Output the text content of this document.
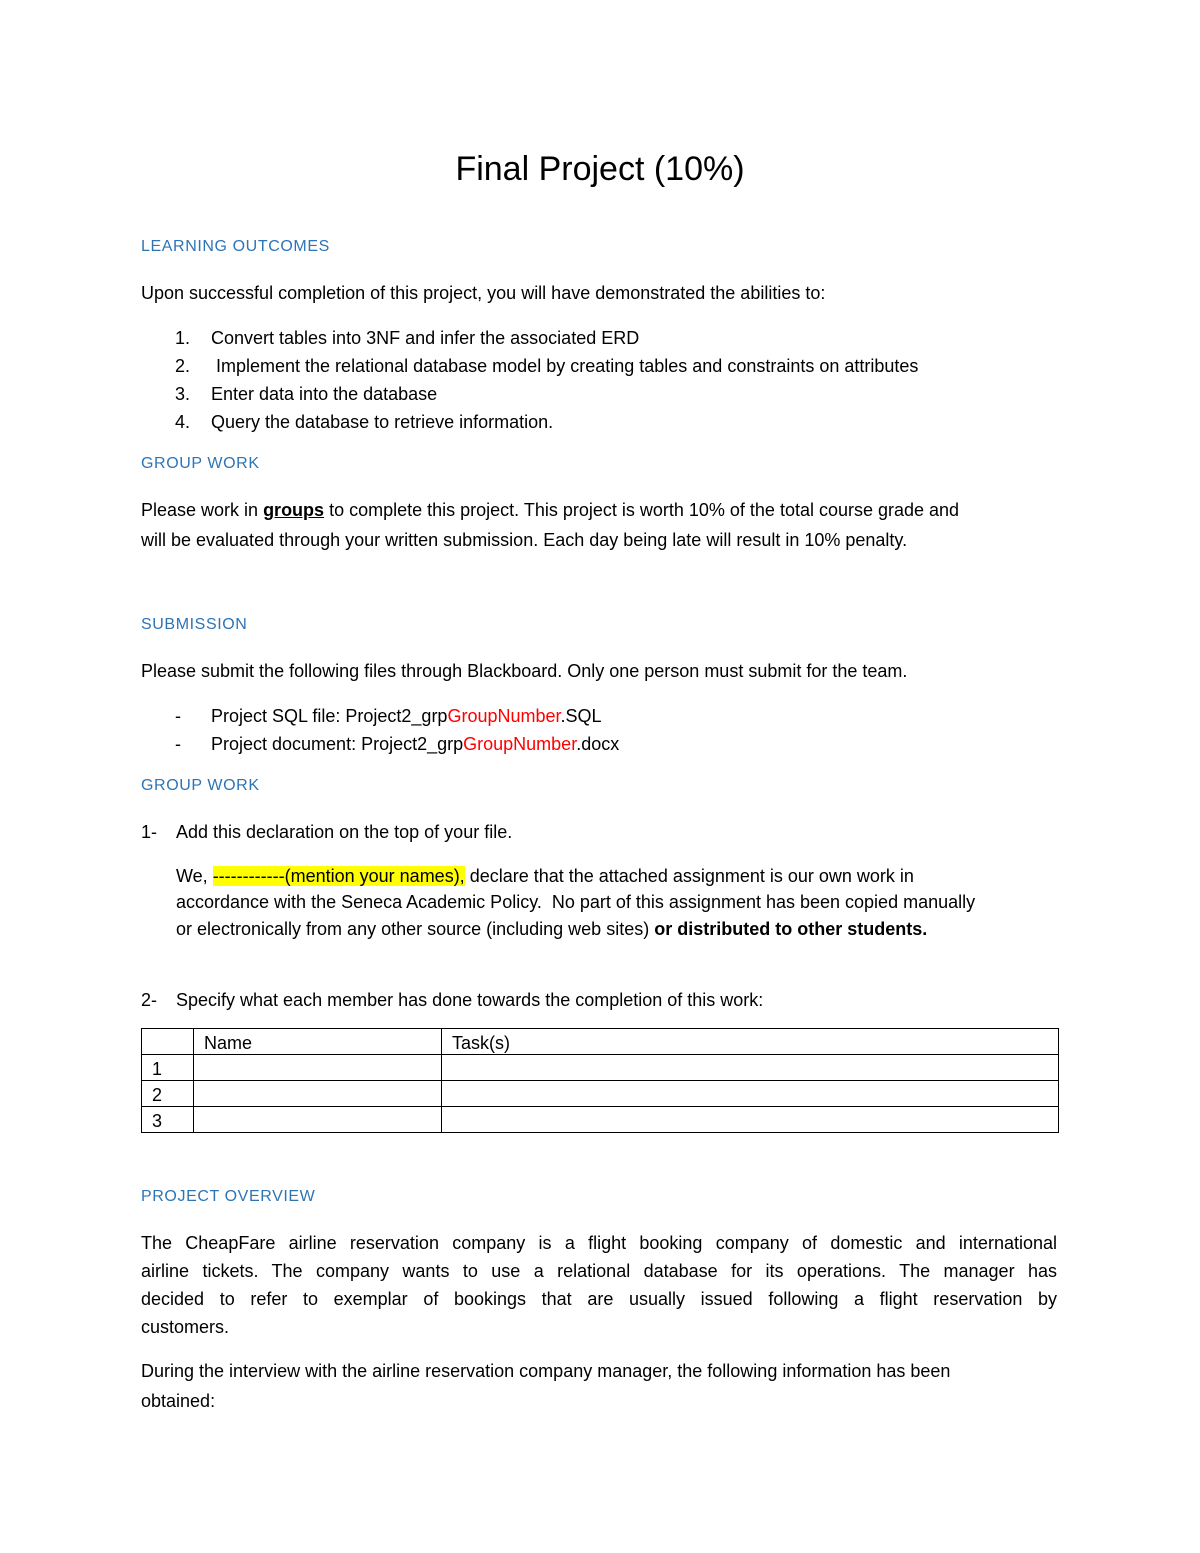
Final Project (10%)
LEARNING OUTCOMES
Upon successful completion of this project, you will have demonstrated the abilities to:
1. Convert tables into 3NF and infer the associated ERD
2. Implement the relational database model by creating tables and constraints on attributes
3. Enter data into the database
4. Query the database to retrieve information.
GROUP WORK
Please work in groups to complete this project. This project is worth 10% of the total course grade and
will be evaluated through your written submission. Each day being late will result in 10% penalty.
SUBMISSION
Please submit the following files through Blackboard. Only one person must submit for the team.
- Project SQL file: Project2_grpGroupNumber.SQL
- Project document: Project2_grpGroupNumber.docx
GROUP WORK
1- Add this declaration on the top of your file.
We, ------------(mention your names), declare that the attached assignment is our own work in
accordance with the Seneca Academic Policy.  No part of this assignment has been copied manually
or electronically from any other source (including web sites) or distributed to other students.
2- Specify what each member has done towards the completion of this work:
	Name	Task(s)
1		
2		
3		
PROJECT OVERVIEW
The CheapFare airline reservation company is a flight booking company of domestic and international
airline tickets. The company wants to use a relational database for its operations. The manager has
decided to refer to exemplar of bookings that are usually issued following a flight reservation by
customers.
During the interview with the airline reservation company manager, the following information has been
obtained:
